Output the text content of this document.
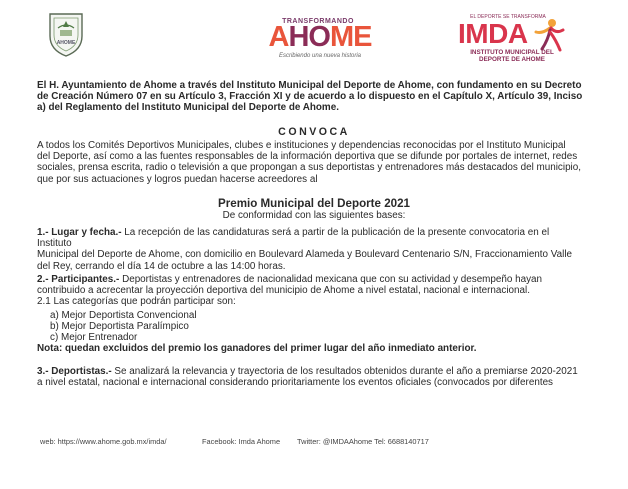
AHOME
TRANSFORMANDO
AHOME
Escribiendo una nueva historia
EL DEPORTE SE TRANSFORMA
IMDA
INSTITUTO MUNICIPAL DEL
DEPORTE DE AHOME
El H. Ayuntamiento de Ahome a través del Instituto Municipal del Deporte de Ahome, con fundamento en su Decreto
de Creación Número 07 en su Artículo 3, Fracción XI y de acuerdo a lo dispuesto en el Capítulo X, Artículo 39, Inciso
a) del Reglamento del Instituto Municipal del Deporte de Ahome.
CONVOCA
A todos los Comités Deportivos Municipales, clubes e instituciones y dependencias reconocidas por el Instituto Municipal
del Deporte, así como a las fuentes responsables de la información deportiva que se difunde por portales de internet, redes
sociales, prensa escrita, radio o televisión a que propongan a sus deportistas y entrenadores más destacados del municipio,
que por sus actuaciones y logros puedan hacerse acreedores al
Premio Municipal del Deporte 2021
De conformidad con las siguientes bases:
1.- Lugar y fecha.- La recepción de las candidaturas será a partir de la publicación de la presente convocatoria en el Instituto
Municipal del Deporte de Ahome, con domicilio en Boulevard Alameda y Boulevard Centenario S/N, Fraccionamiento Valle
del Rey, cerrando el día 14 de octubre a las 14:00 horas.
2.- Participantes.- Deportistas y entrenadores de nacionalidad mexicana que con su actividad y desempeño hayan
contribuido a acrecentar la proyección deportiva del municipio de Ahome a nivel estatal, nacional e internacional.
2.1 Las categorías que podrán participar son:
a) Mejor Deportista Convencional
b) Mejor Deportista Paralímpico
c) Mejor Entrenador
Nota: quedan excluidos del premio los ganadores del primer lugar del año inmediato anterior.
3.- Deportistas.- Se analizará la relevancia y trayectoria de los resultados obtenidos durante el año a premiarse 2020-2021
a nivel estatal, nacional e internacional considerando prioritariamente los eventos oficiales (convocados por diferentes
web: https://www.ahome.gob.mx/imda/	Facebook: Imda Ahome Twitter: @IMDAAhome Tel: 6688140717
